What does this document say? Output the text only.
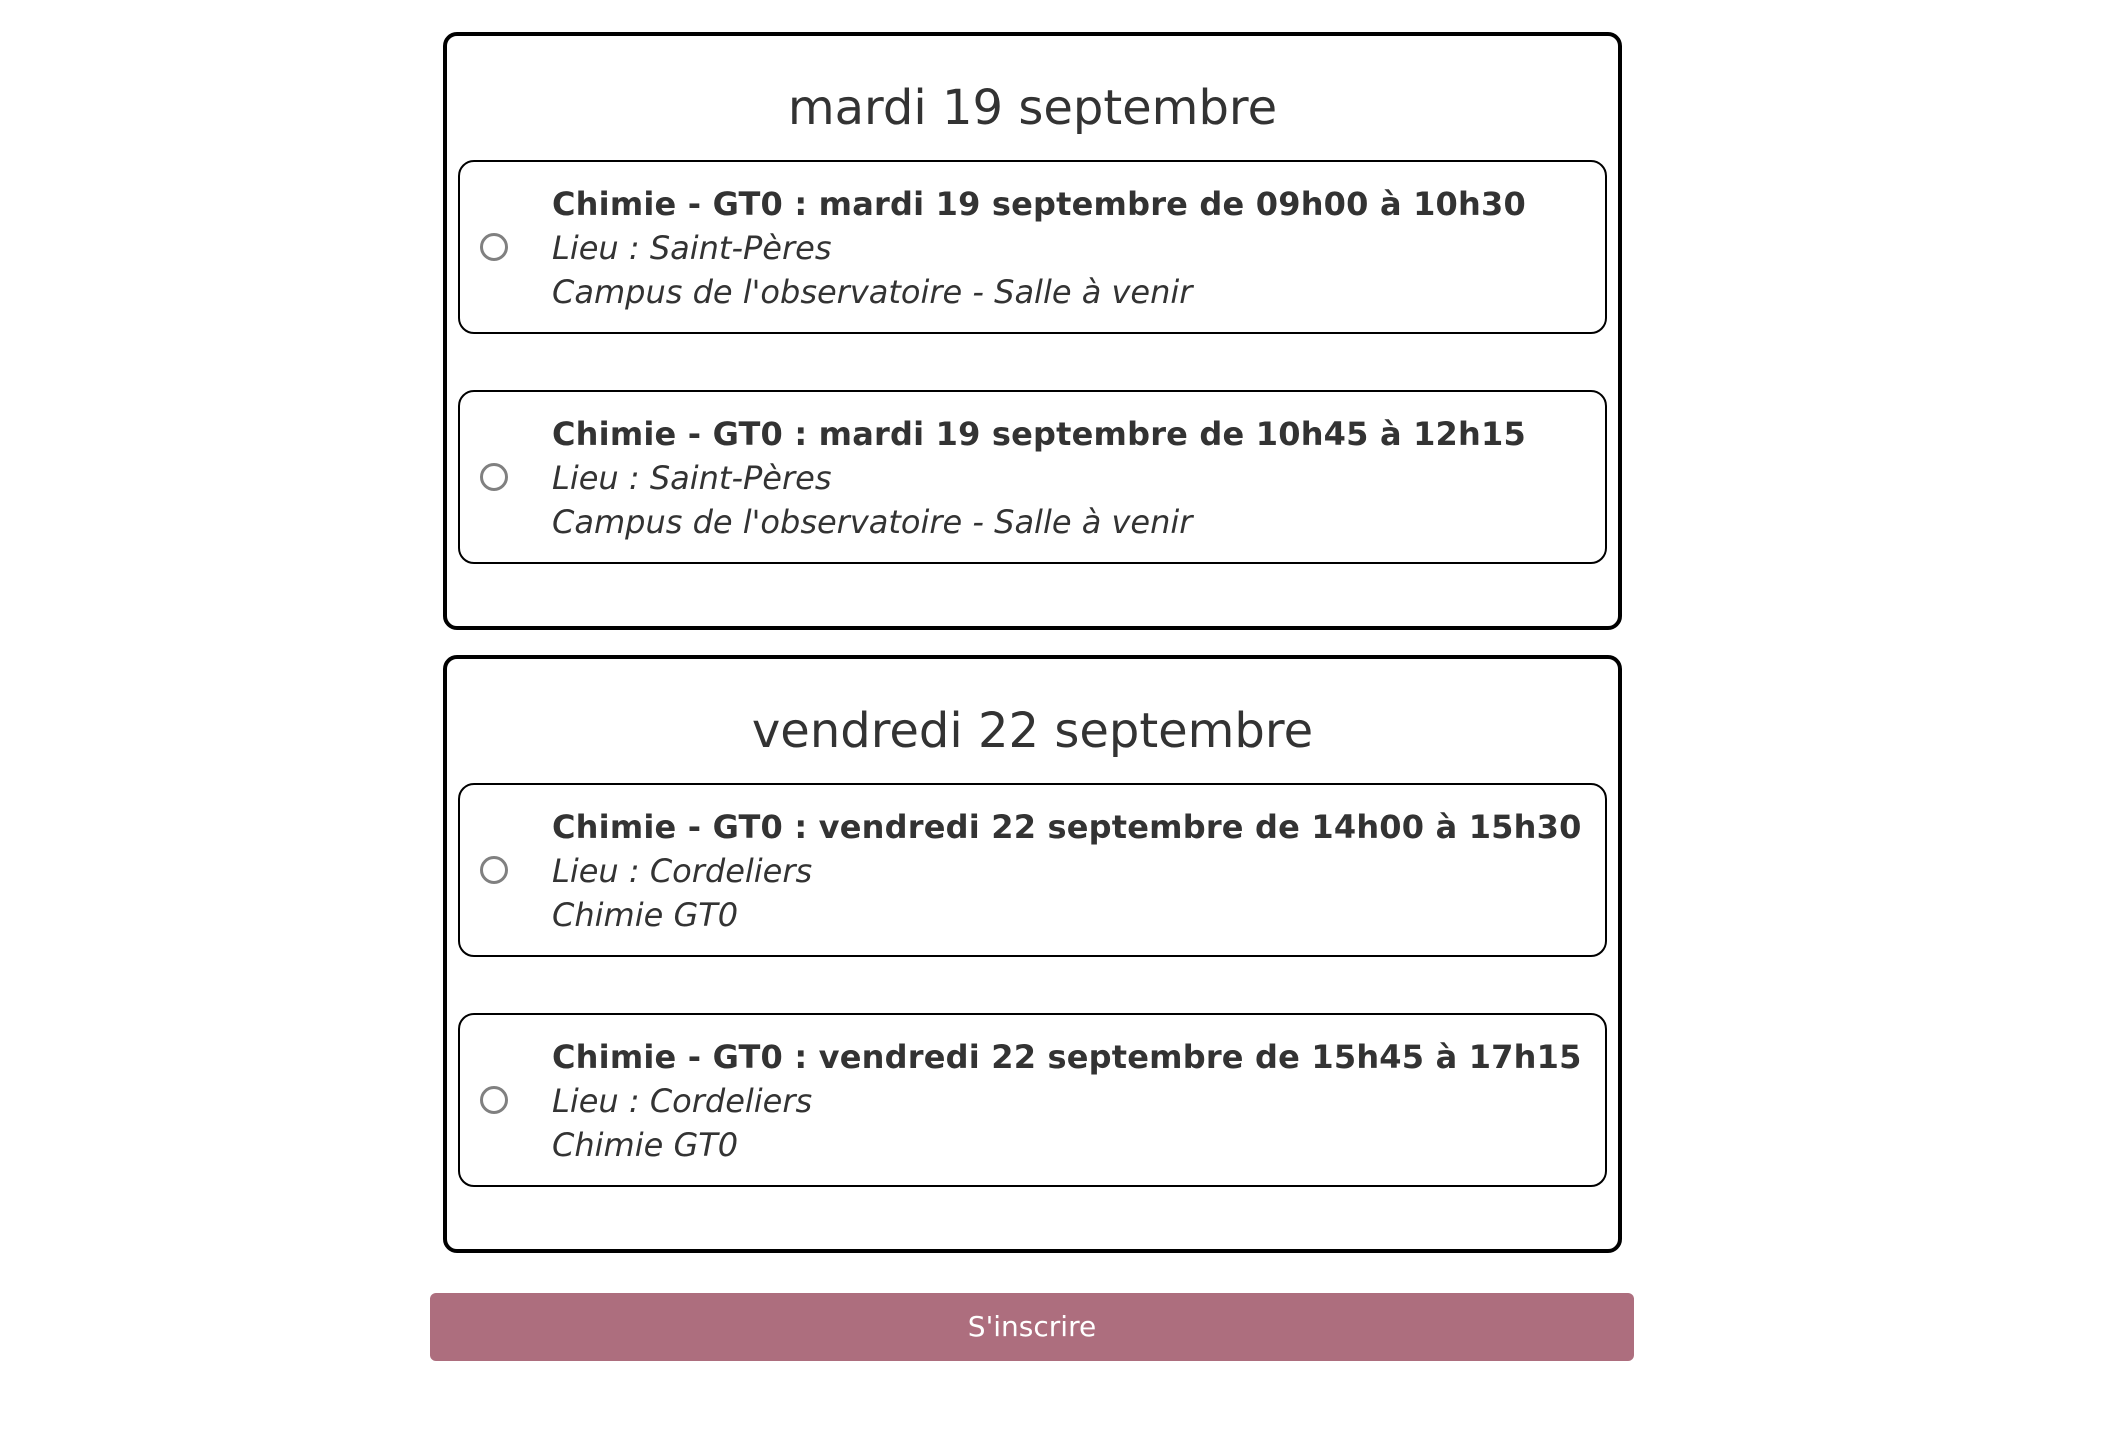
mardi 19 septembre
Chimie - GT0 : mardi 19 septembre de 09h00 à 10h30
Lieu : Saint-Pères
Campus de l'observatoire - Salle à venir
Chimie - GT0 : mardi 19 septembre de 10h45 à 12h15
Lieu : Saint-Pères
Campus de l'observatoire - Salle à venir
vendredi 22 septembre
Chimie - GT0 : vendredi 22 septembre de 14h00 à 15h30
Lieu : Cordeliers
Chimie GT0
Chimie - GT0 : vendredi 22 septembre de 15h45 à 17h15
Lieu : Cordeliers
Chimie GT0
S'inscrire
